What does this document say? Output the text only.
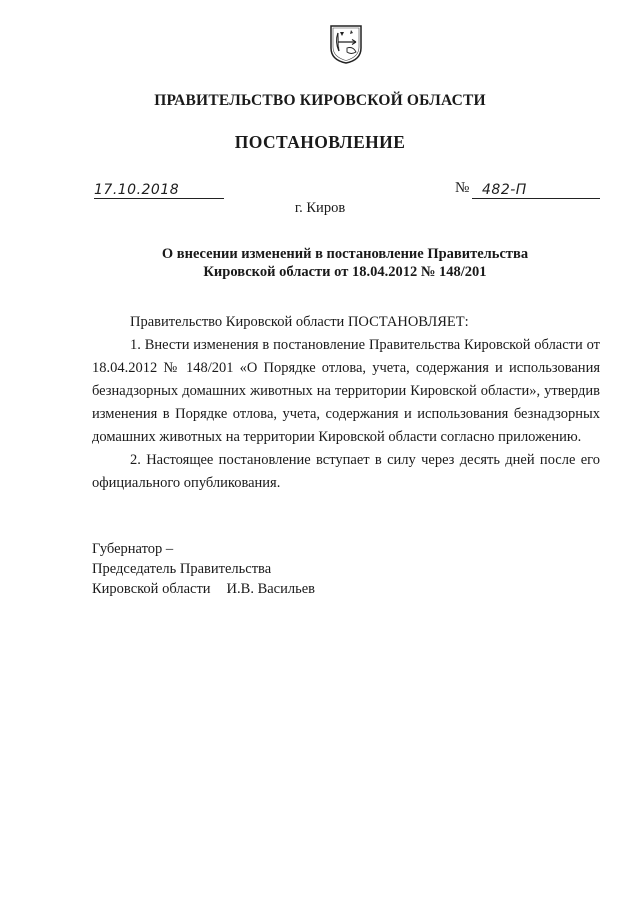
ПРАВИТЕЛЬСТВО КИРОВСКОЙ ОБЛАСТИ
ПОСТАНОВЛЕНИЕ
17.10.2018	№ 482-П
г. Киров
О внесении изменений в постановление Правительства
Кировской области от 18.04.2012 № 148/201

Правительство Кировской области ПОСТАНОВЛЯЕТ:

1. Внести изменения в постановление Правительства Кировской области от 18.04.2012 № 148/201 «О Порядке отлова, учета, содержания и использования безнадзорных домашних животных на территории Кировской области», утвердив изменения в Порядке отлова, учета, содержания и использования безнадзорных домашних животных на территории Кировской области согласно приложению.

2. Настоящее постановление вступает в силу через десять дней после его официального опубликования.

Губернатор –
Председатель Правительства
Кировской области И.В. Васильев
